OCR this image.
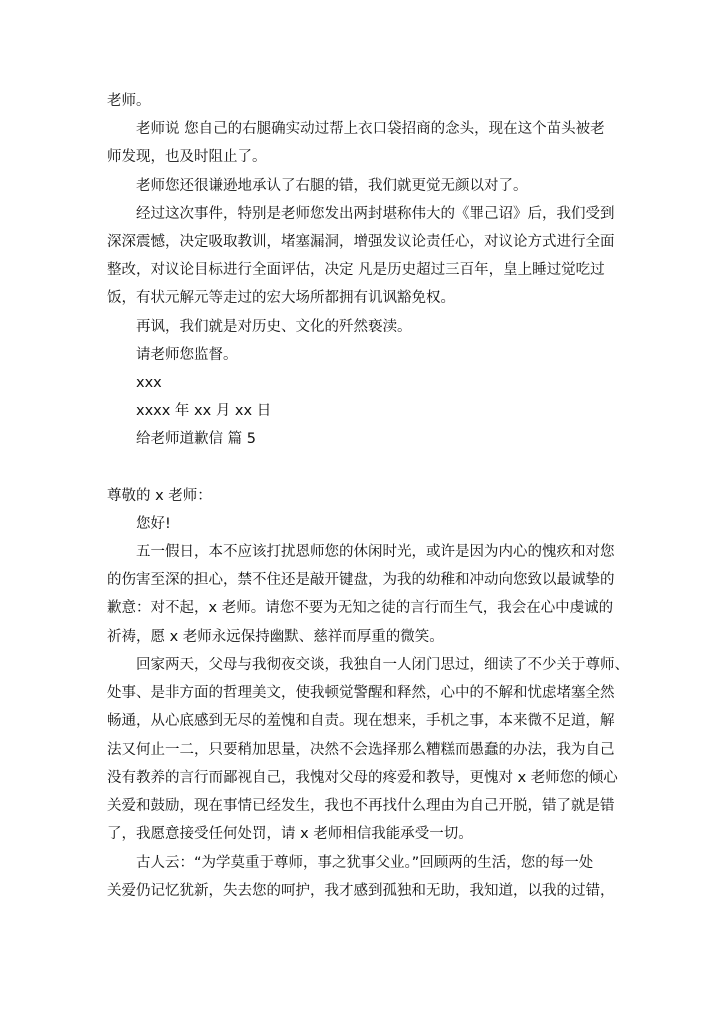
老师。
老师说 您自己的右腿确实动过帮上衣口袋招商的念头，现在这个苗头被老
师发现，也及时阻止了。
老师您还很谦逊地承认了右腿的错，我们就更觉无颜以对了。
经过这次事件，特别是老师您发出两封堪称伟大的《罪己诏》后，我们受到
深深震憾，决定吸取教训，堵塞漏洞，增强发议论责任心，对议论方式进行全面
整改，对议论目标进行全面评估，决定 凡是历史超过三百年，皇上睡过觉吃过
饭，有状元解元等走过的宏大场所都拥有讥讽豁免权。
再讽，我们就是对历史、文化的歼然亵渎。
请老师您监督。
xxx
xxxx 年 xx 月 xx 日
给老师道歉信 篇 5
尊敬的 x 老师：
您好!
五一假日，本不应该打扰恩师您的休闲时光，或许是因为内心的愧疚和对您
的伤害至深的担心，禁不住还是敲开键盘，为我的幼稚和冲动向您致以最诚挚的
歉意：对不起，x 老师。请您不要为无知之徒的言行而生气，我会在心中虔诚的
祈祷，愿 x 老师永远保持幽默、慈祥而厚重的微笑。
回家两天，父母与我彻夜交谈，我独自一人闭门思过，细读了不少关于尊师、
处事、是非方面的哲理美文，使我顿觉警醒和释然，心中的不解和忧虑堵塞全然
畅通，从心底感到无尽的羞愧和自责。现在想来，手机之事，本来微不足道，解
法又何止一二，只要稍加思量，决然不会选择那么糟糕而愚蠢的办法，我为自己
没有教养的言行而鄙视自己，我愧对父母的疼爱和教导，更愧对 x 老师您的倾心
关爱和鼓励，现在事情已经发生，我也不再找什么理由为自己开脱，错了就是错
了，我愿意接受任何处罚，请 x 老师相信我能承受一切。
古人云：“为学莫重于尊师，事之犹事父业。”回顾两的生活，您的每一处
关爱仍记忆犹新，失去您的呵护，我才感到孤独和无助，我知道，以我的过错，
